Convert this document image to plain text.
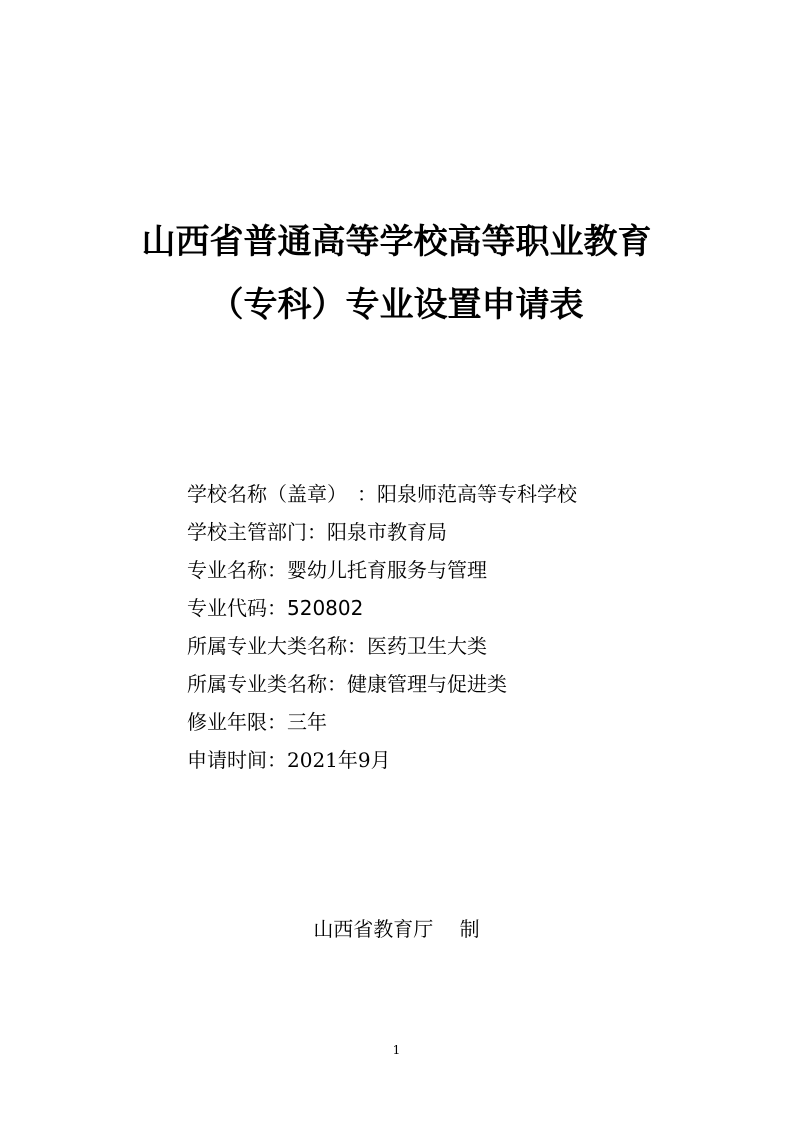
山西省普通高等学校高等职业教育
（专科）专业设置申请表
学校名称（盖章）　：阳泉师范高等专科学校
学校主管部门：阳泉市教育局
专业名称：婴幼儿托育服务与管理
专业代码：520802
所属专业大类名称：医药卫生大类
所属专业类名称：健康管理与促进类
修业年限：三年
申请时间：2021年9月
山西省教育厅　 制
1
